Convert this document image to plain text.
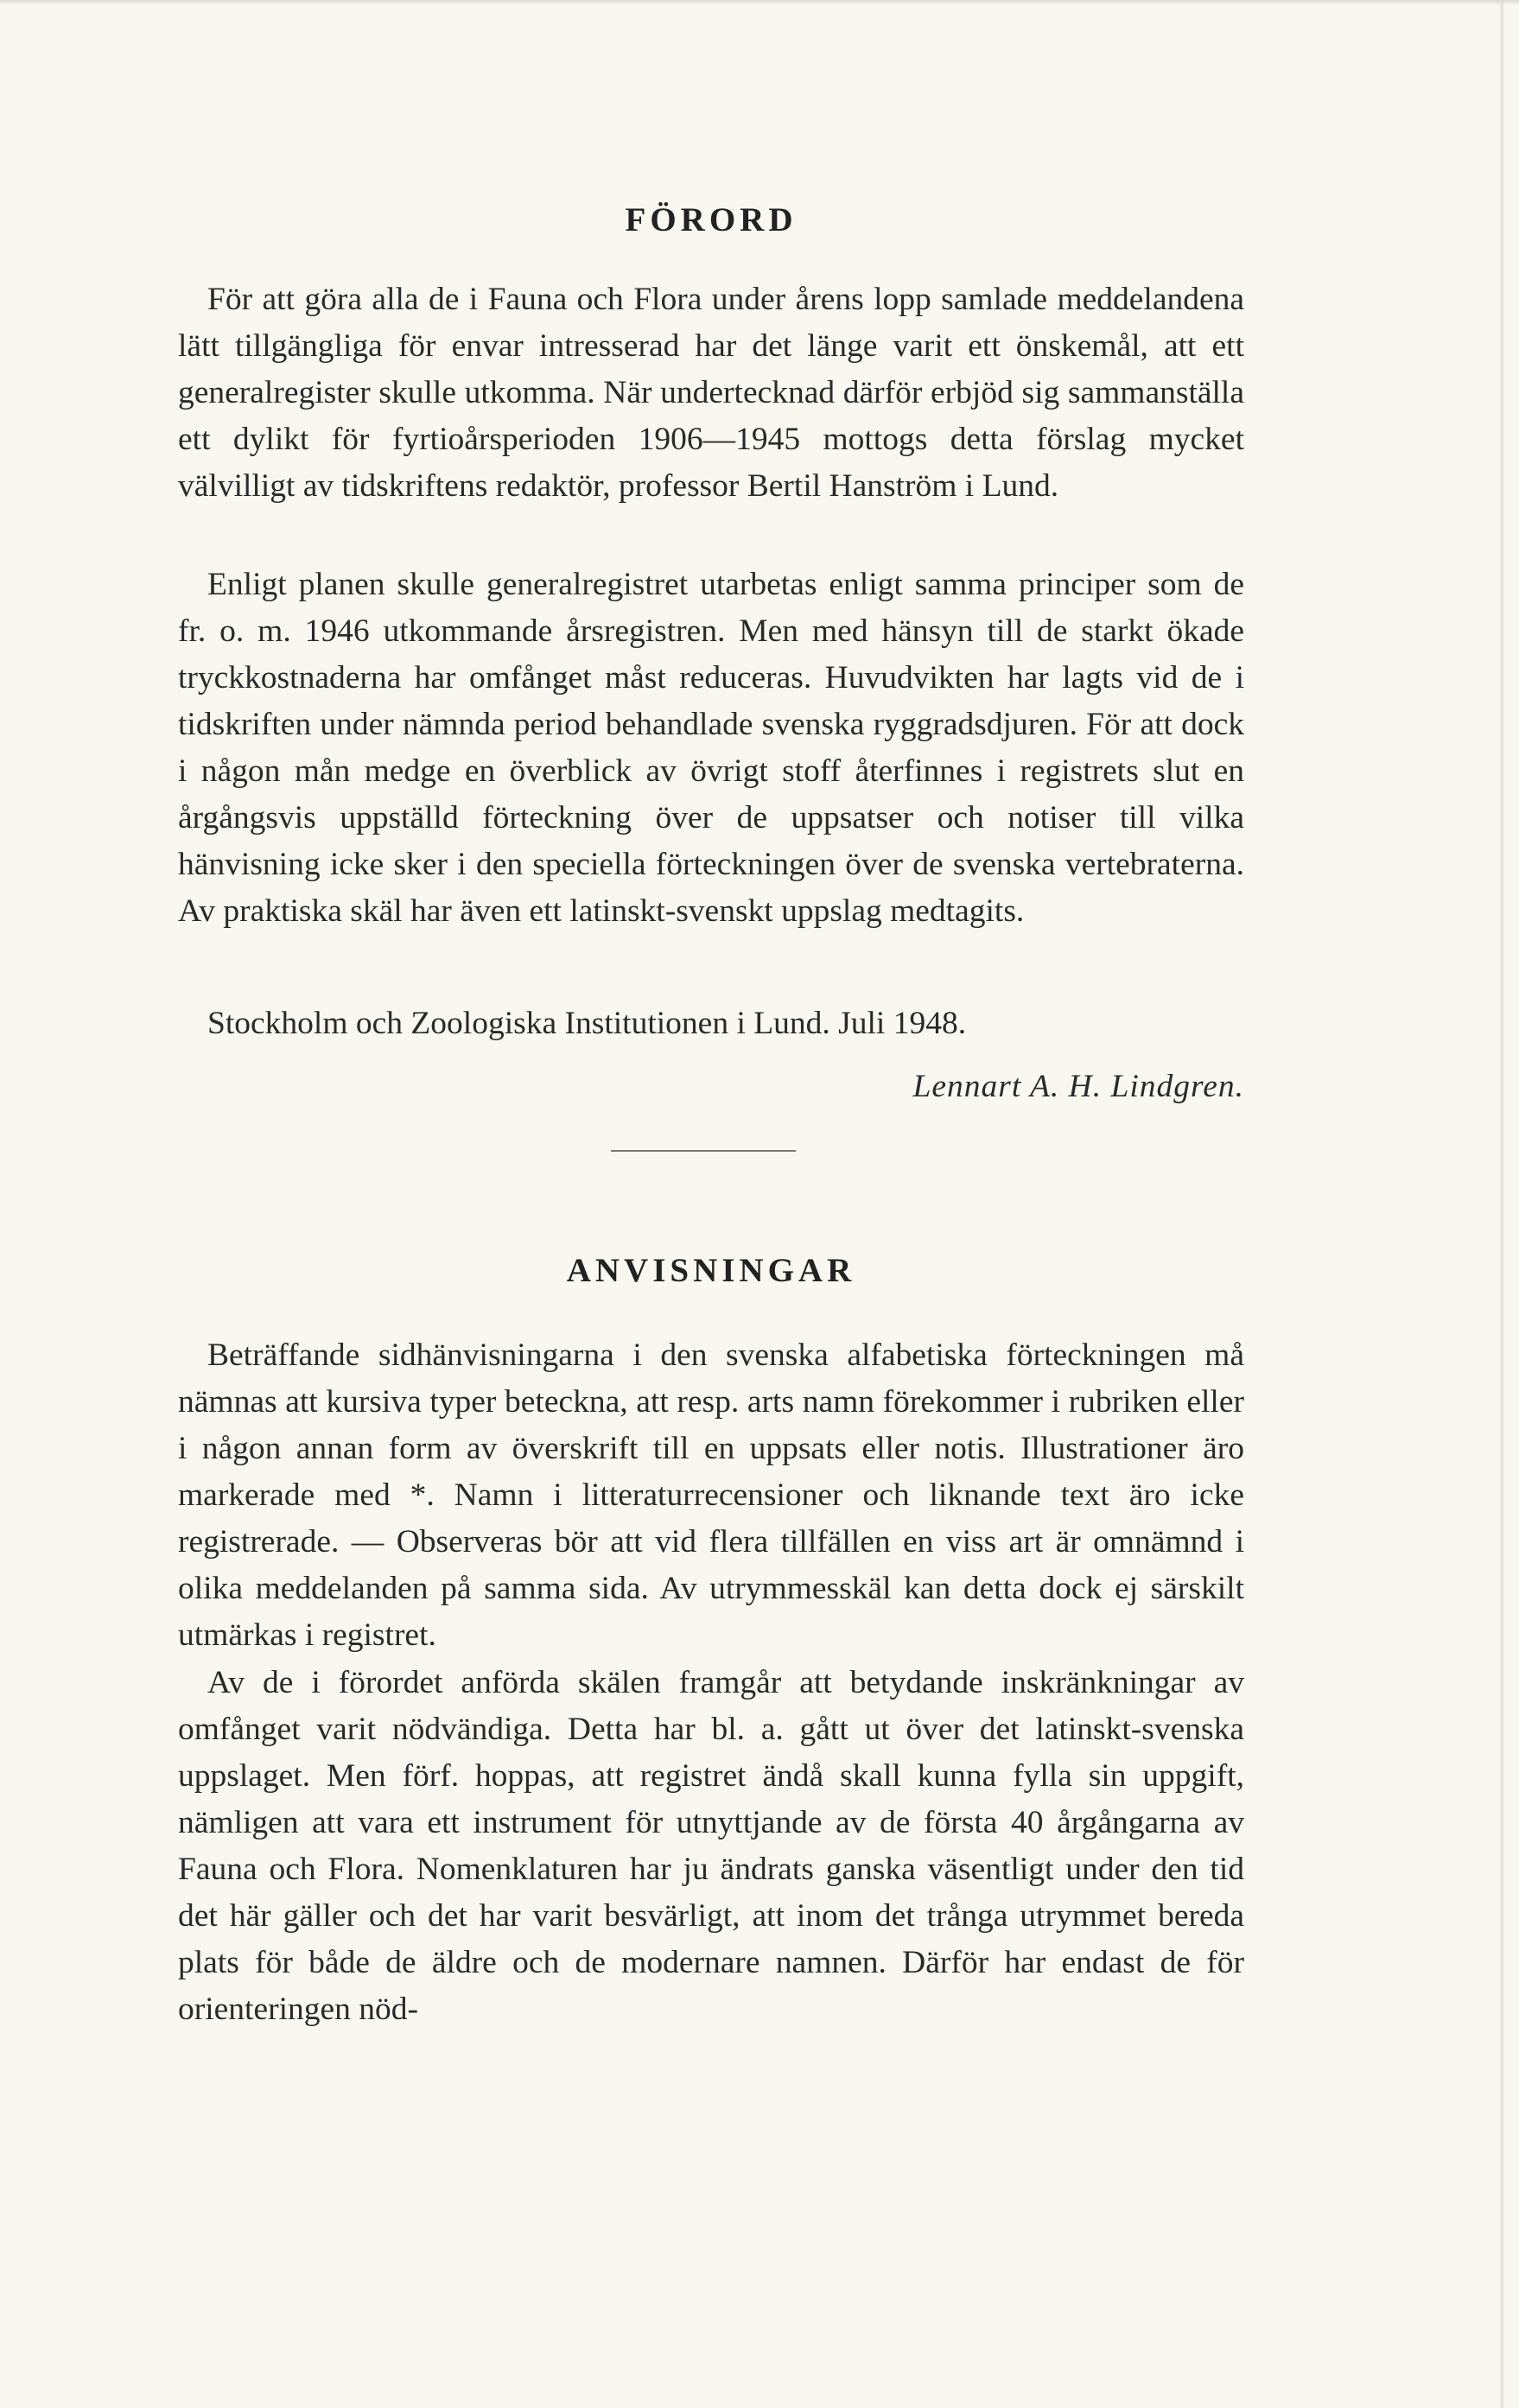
FÖRORD

För att göra alla de i Fauna och Flora under årens lopp samlade meddelandena lätt tillgängliga för envar intresserad har det länge varit ett önskemål, att ett generalregister skulle utkomma. När undertecknad därför erbjöd sig sammanställa ett dylikt för fyrtioårsperioden 1906—1945 mottogs detta förslag mycket välvilligt av tidskriftens redaktör, professor Bertil Hanström i Lund.

Enligt planen skulle generalregistret utarbetas enligt samma principer som de fr. o. m. 1946 utkommande årsregistren. Men med hänsyn till de starkt ökade tryckkostnaderna har omfånget måst reduceras. Huvudvikten har lagts vid de i tidskriften under nämnda period behandlade svenska ryggradsdjuren. För att dock i någon mån medge en överblick av övrigt stoff återfinnes i registrets slut en årgångsvis uppställd förteckning över de uppsatser och notiser till vilka hänvisning icke sker i den speciella förteckningen över de svenska vertebraterna. Av praktiska skäl har även ett latinskt-svenskt uppslag medtagits.

Stockholm och Zoologiska Institutionen i Lund. Juli 1948.

Lennart A. H. Lindgren.
ANVISNINGAR

Beträffande sidhänvisningarna i den svenska alfabetiska förteckningen må nämnas att kursiva typer beteckna, att resp. arts namn förekommer i rubriken eller i någon annan form av överskrift till en uppsats eller notis. Illustrationer äro markerade med *. Namn i litteraturrecensioner och liknande text äro icke registrerade. — Observeras bör att vid flera tillfällen en viss art är omnämnd i olika meddelanden på samma sida. Av utrymmesskäl kan detta dock ej särskilt utmärkas i registret.

Av de i förordet anförda skälen framgår att betydande inskränkningar av omfånget varit nödvändiga. Detta har bl. a. gått ut över det latinskt-svenska uppslaget. Men förf. hoppas, att registret ändå skall kunna fylla sin uppgift, nämligen att vara ett instrument för utnyttjande av de första 40 årgångarna av Fauna och Flora. Nomenklaturen har ju ändrats ganska väsentligt under den tid det här gäller och det har varit besvärligt, att inom det trånga utrymmet bereda plats för både de äldre och de modernare namnen. Därför har endast de för orienteringen nöd-
